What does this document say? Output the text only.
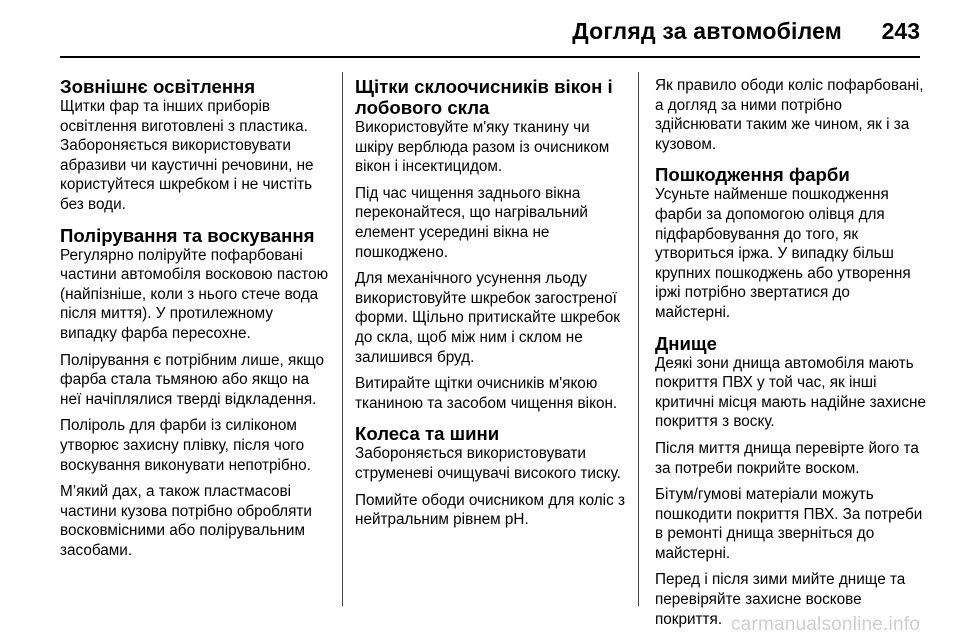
Догляд за автомобілем 243
Зовнішнє освітлення

Щитки фар та інших приборів освітлення виготовлені з пластика. Забороняється використовувати абразиви чи каустичні речовини, не користуйтеся шкребком і не чистіть без води.

Полірування та воскування

Регулярно поліруйте пофарбовані частини автомобіля восковою пастою (найпізніше, коли з нього стече вода після миття). У протилежному випадку фарба пересохне.

Полірування є потрібним лише, якщо фарба стала тьмяною або якщо на неї начіплялися тверді відкладення.

Поліроль для фарби із силіконом утворює захисну плівку, після чого воскування виконувати непотрібно.

М’який дах, а також пластмасові частини кузова потрібно обробляти восковмісними або полірувальним засобами.

Щітки склоочисників вікон і лобового скла

Використовуйте м'яку тканину чи шкіру верблюда разом із очисником вікон і інсектицидом.

Під час чищення заднього вікна переконайтеся, що нагрівальний елемент усередині вікна не пошкоджено.

Для механічного усунення льоду використовуйте шкребок загостреної форми. Щільно притискайте шкребок до скла, щоб між ним і склом не залишився бруд.

Витирайте щітки очисників м'якою тканиною та засобом чищення вікон.

Колеса та шини

Забороняється використовувати струменеві очищувачі високого тиску.

Помийте ободи очисником для коліс з нейтральним рівнем pH.

Як правило ободи коліс пофарбовані, а догляд за ними потрібно здійснювати таким же чином, як і за кузовом.

Пошкодження фарби

Усуньте найменше пошкодження фарби за допомогою олівця для підфарбовування до того, як утвориться іржа. У випадку більш крупних пошкоджень або утворення іржі потрібно звертатися до майстерні.

Днище

Деякі зони днища автомобіля мають покриття ПВХ у той час, як інші критичні місця мають надійне захисне покриття з воску.

Після миття днища перевірте його та за потреби покрийте воском.

Бітум/гумові матеріали можуть пошкодити покриття ПВХ. За потреби в ремонті днища зверніться до майстерні.

Перед і після зими мийте днище та перевіряйте захисне воскове покриття. carmanualsonline.info
